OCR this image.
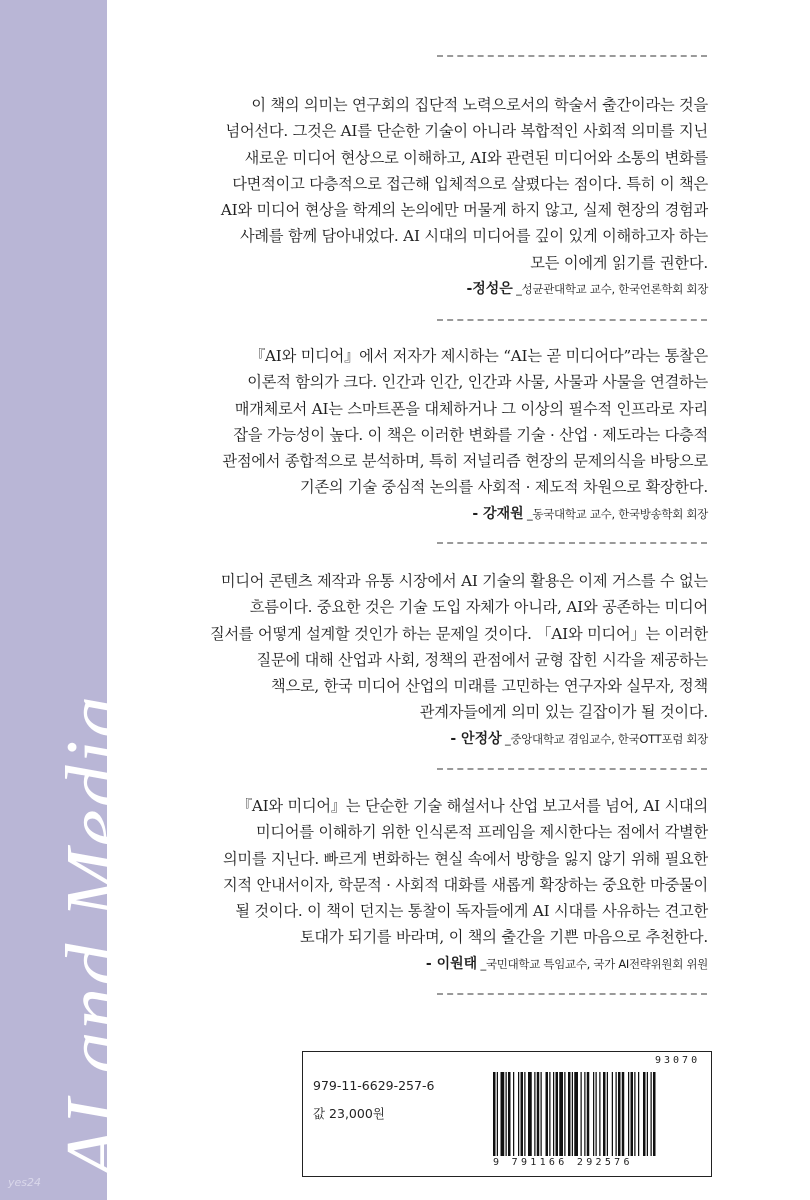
AI and Media
yes24

이 책의 의미는 연구회의 집단적 노력으로서의 학술서 출간이라는 것을

넘어선다. 그것은 AI를 단순한 기술이 아니라 복합적인 사회적 의미를 지닌

새로운 미디어 현상으로 이해하고, AI와 관련된 미디어와 소통의 변화를

다면적이고 다층적으로 접근해 입체적으로 살폈다는 점이다. 특히 이 책은

AI와 미디어 현상을 학계의 논의에만 머물게 하지 않고, 실제 현장의 경험과

사례를 함께 담아내었다. AI 시대의 미디어를 깊이 있게 이해하고자 하는

모든 이에게 읽기를 권한다.

-정성은 _성균관대학교 교수, 한국언론학회 회장

『AI와 미디어』에서 저자가 제시하는 “AI는 곧 미디어다”라는 통찰은

이론적 함의가 크다. 인간과 인간, 인간과 사물, 사물과 사물을 연결하는

매개체로서 AI는 스마트폰을 대체하거나 그 이상의 필수적 인프라로 자리

잡을 가능성이 높다. 이 책은 이러한 변화를 기술 · 산업 · 제도라는 다층적

관점에서 종합적으로 분석하며, 특히 저널리즘 현장의 문제의식을 바탕으로

기존의 기술 중심적 논의를 사회적 · 제도적 차원으로 확장한다.

- 강재원 _동국대학교 교수, 한국방송학회 회장

미디어 콘텐츠 제작과 유통 시장에서 AI 기술의 활용은 이제 거스를 수 없는

흐름이다. 중요한 것은 기술 도입 자체가 아니라, AI와 공존하는 미디어

질서를 어떻게 설계할 것인가 하는 문제일 것이다. 「AI와 미디어」는 이러한

질문에 대해 산업과 사회, 정책의 관점에서 균형 잡힌 시각을 제공하는

책으로, 한국 미디어 산업의 미래를 고민하는 연구자와 실무자, 정책

관계자들에게 의미 있는 길잡이가 될 것이다.

- 안정상 _중앙대학교 겸임교수, 한국OTT포럼 회장

『AI와 미디어』는 단순한 기술 해설서나 산업 보고서를 넘어, AI 시대의

미디어를 이해하기 위한 인식론적 프레임을 제시한다는 점에서 각별한

의미를 지닌다. 빠르게 변화하는 현실 속에서 방향을 잃지 않기 위해 필요한

지적 안내서이자, 학문적 · 사회적 대화를 새롭게 확장하는 중요한 마중물이

될 것이다. 이 책이 던지는 통찰이 독자들에게 AI 시대를 사유하는 견고한

토대가 되기를 바라며, 이 책의 출간을 기쁜 마음으로 추천한다.

- 이원태 _국민대학교 특임교수, 국가 AI전략위원회 위원
979-11-6629-257-6
값 23,000원
93070
9 791166 292576
